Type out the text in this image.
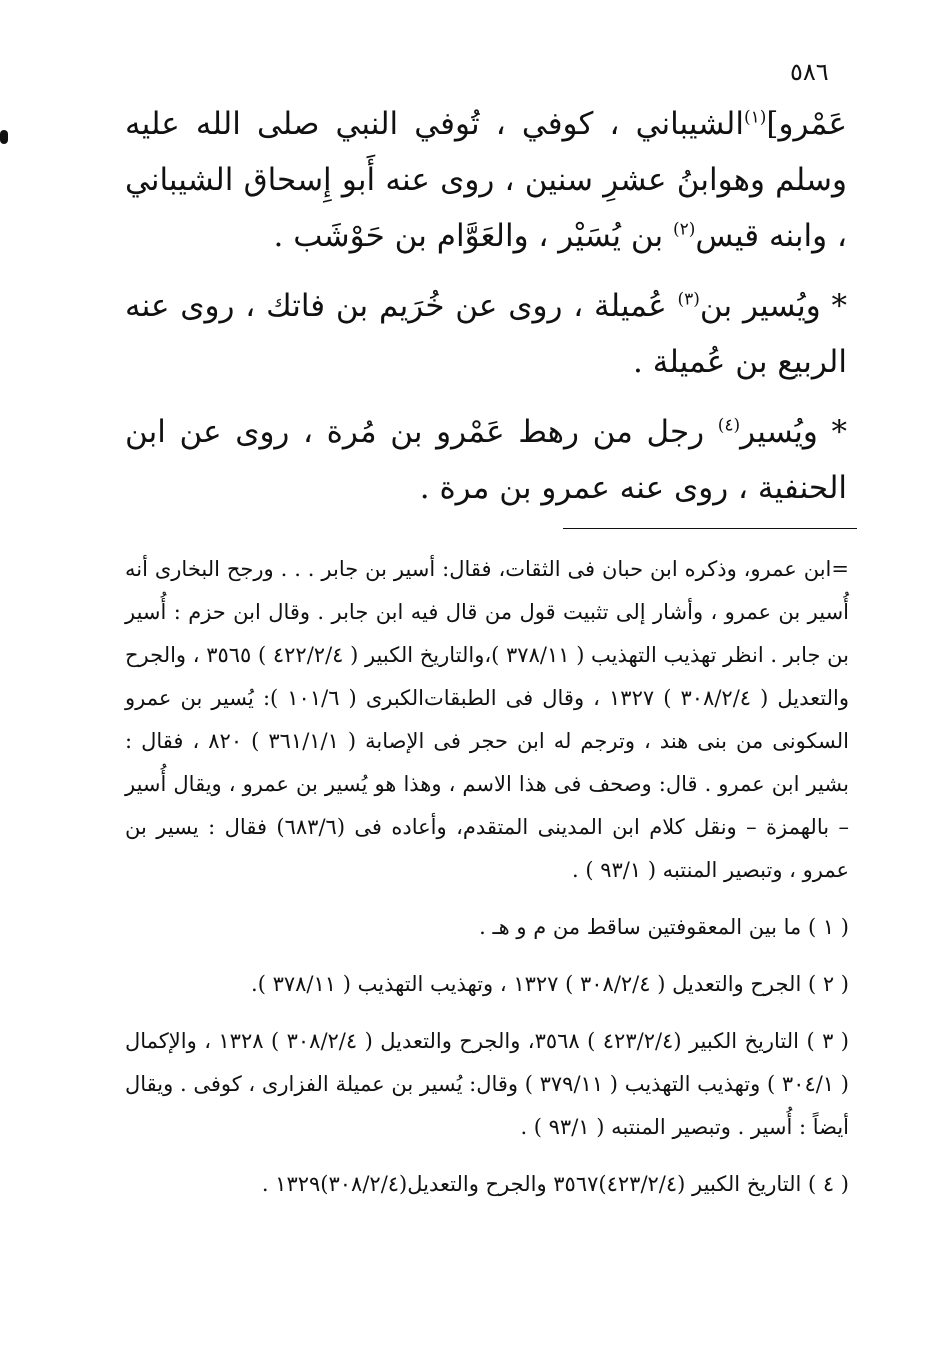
٥٨٦

عَمْرو]$^{(١)}$الشيباني ، كوفي ، تُوفي النبي صلى الله عليه وسلم وهوابنُ عشرِ سنين ، روى عنه أَبو إِسحاق الشيباني ، وابنه قيس$^{(٢)}$ بن يُسَيْر ، والعَوَّام بن حَوْشَب .

* ويُسير بن$^{(٣)}$ عُميلة ، روى عن خُرَيم بن فاتك ، روى عنه الربيع بن عُميلة .

* ويُسير$^{(٤)}$ رجل من رهط عَمْرو بن مُرة ، روى عن ابن الحنفية ، روى عنه عمرو بن مرة .

=ابن عمرو، وذكره ابن حبان فى الثقات، فقال: أسير بن جابر . . . ورجح البخارى أنه أُسير بن عمرو ، وأشار إلى تثبيت قول من قال فيه ابن جابر . وقال ابن حزم : أُسير بن جابر . انظر تهذيب التهذيب ( ٣٧٨/١١ )،والتاريخ الكبير ( ٤٢٢/٢/٤ ) ٣٥٦٥ ، والجرح والتعديل ( ٣٠٨/٢/٤ ) ١٣٢٧ ، وقال فى الطبقات‌الكبرى ( ١٠١/٦ ): يُسير بن عمرو السكونى من بنى هند ، وترجم له ابن حجر فى الإصابة ( ٣٦١/١/١ ) ٨٢٠ ، فقال : بشير ابن عمرو . قال: وصحف فى هذا الاسم ، وهذا هو يُسير بن عمرو ، ويقال أُسير – بالهمزة – ونقل كلام ابن المدينى المتقدم، وأعاده فى (٦٨٣/٦) فقال : يسير بن عمرو ، وتبصير المنتبه ( ٩٣/١ ) .

( ١ ) ما بين المعقوفتين ساقط من م و هـ .

( ٢ ) الجرح والتعديل ( ٣٠٨/٢/٤ ) ١٣٢٧ ، وتهذيب التهذيب ( ٣٧٨/١١ ).

( ٣ ) التاريخ الكبير (٤٢٣/٢/٤ ) ٣٥٦٨، والجرح والتعديل ( ٣٠٨/٢/٤ ) ١٣٢٨ ، والإكمال ( ٣٠٤/١ ) وتهذيب التهذيب ( ٣٧٩/١١ ) وقال: يُسير بن عميلة الفزارى ، كوفى . ويقال أيضاً : أُسير . وتبصير المنتبه ( ٩٣/١ ) .

( ٤ ) التاريخ الكبير (٤٢٣/٢/٤)٣٥٦٧ والجرح والتعديل(٣٠٨/٢/٤)١٣٢٩ .
